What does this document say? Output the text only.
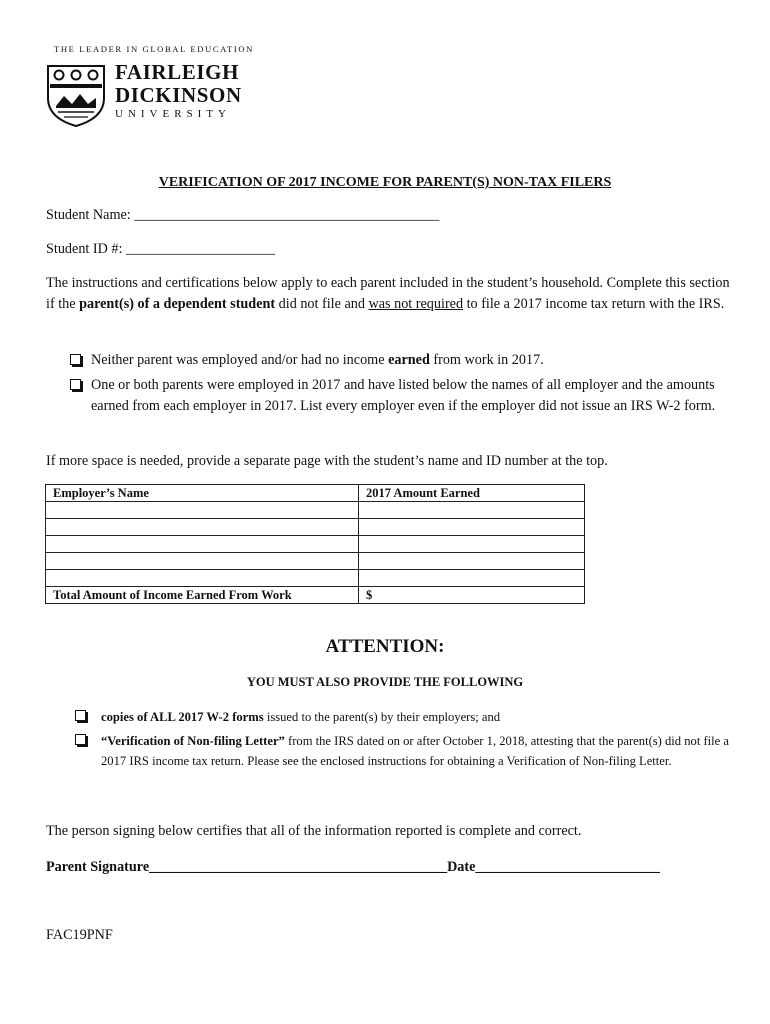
THE LEADER IN GLOBAL EDUCATION
FAIRLEIGH
DICKINSON
UNIVERSITY
VERIFICATION OF 2017 INCOME FOR PARENT(S) NON-TAX FILERS
Student Name: ___________________________________________
Student ID #: _____________________
The instructions and certifications below apply to each parent included in the student’s household. Complete this section if the parent(s) of a dependent student did not file and was not required to file a 2017 income tax return with the IRS.
Neither parent was employed and/or had no income earned from work in 2017.
One or both parents were employed in 2017 and have listed below the names of all employer and the amounts earned from each employer in 2017. List every employer even if the employer did not issue an IRS W-2 form.
If more space is needed, provide a separate page with the student’s name and ID number at the top.
Employer’s Name	2017 Amount Earned

Total Amount of Income Earned From Work	$
ATTENTION:
YOU MUST ALSO PROVIDE THE FOLLOWING
copies of ALL 2017 W-2 forms issued to the parent(s) by their employers; and
“Verification of Non-filing Letter” from the IRS dated on or after October 1, 2018, attesting that the parent(s) did not file a 2017 IRS income tax return. Please see the enclosed instructions for obtaining a Verification of Non-filing Letter.
The person signing below certifies that all of the information reported is complete and correct.
Parent Signature__________________________________________Date__________________________
FAC19PNF
